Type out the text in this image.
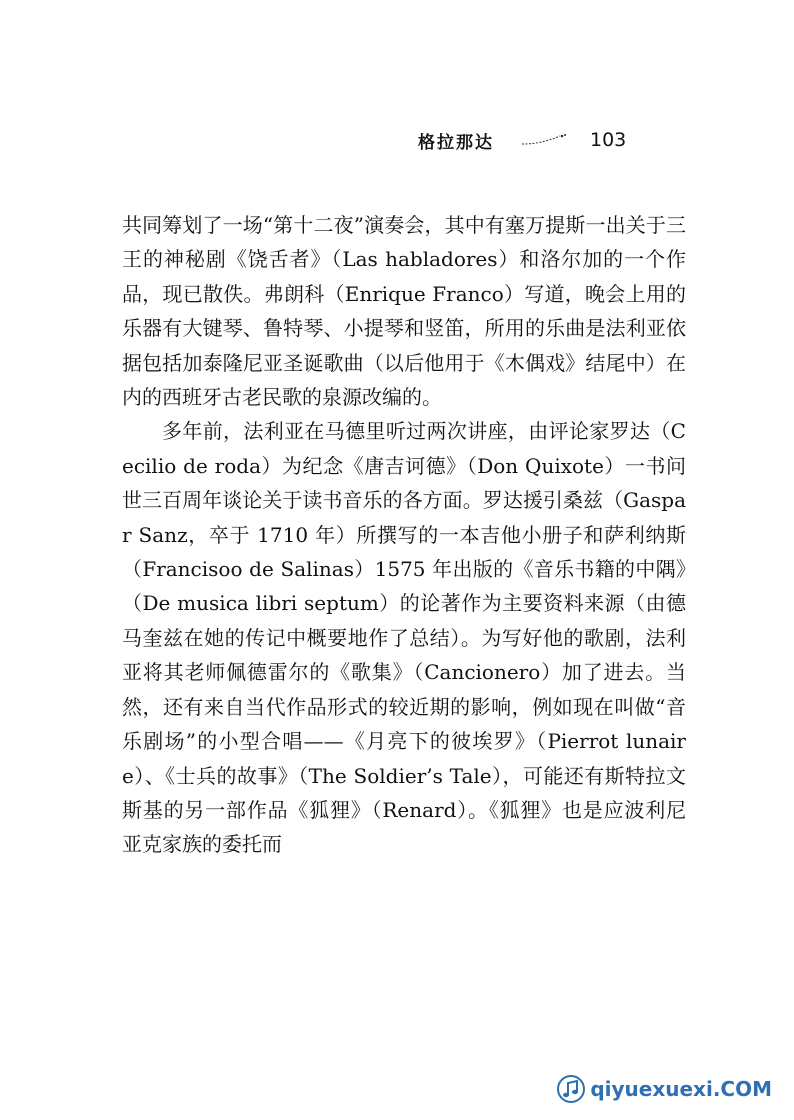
格拉那达	103

共同筹划了一场“第十二夜”演奏会，其中有塞万提斯一出关于三王的神秘剧《饶舌者》（Las habladores）和洛尔加的一个作品，现已散佚。弗朗科（Enrique Franco）写道，晚会上用的乐器有大键琴、鲁特琴、小提琴和竖笛，所用的乐曲是法利亚依据包括加泰隆尼亚圣诞歌曲（以后他用于《木偶戏》结尾中）在内的西班牙古老民歌的泉源改编的。

多年前，法利亚在马德里听过两次讲座，由评论家罗达（Cecilio de roda）为纪念《唐吉诃德》（Don Quixote）一书问世三百周年谈论关于读书音乐的各方面。罗达援引桑兹（Gaspar Sanz，卒于 1710 年）所撰写的一本吉他小册子和萨利纳斯（Francisoo de Salinas）1575 年出版的《音乐书籍的中隅》（De musica libri septum）的论著作为主要资料来源（由德马奎兹在她的传记中概要地作了总结）。为写好他的歌剧，法利亚将其老师佩德雷尔的《歌集》（Cancionero）加了进去。当然，还有来自当代作品形式的较近期的影响，例如现在叫做“音乐剧场”的小型合唱——《月亮下的彼埃罗》（Pierrot lunaire）、《士兵的故事》（The Soldier’s Tale），可能还有斯特拉文斯基的另一部作品《狐狸》（Renard）。《狐狸》也是应波利尼亚克家族的委托而

qiyuexuexi.COM
